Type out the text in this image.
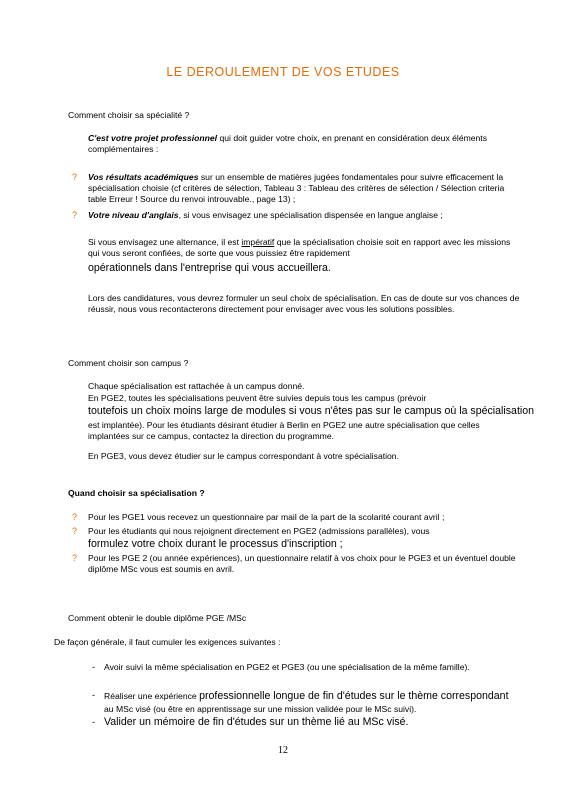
LE DEROULEMENT DE VOS ETUDES
Comment choisir sa spécialité ?
C'est votre projet professionnel qui doit guider votre choix, en prenant en considération deux éléments complémentaires :
? Vos résultats académiques sur un ensemble de matières jugées fondamentales pour suivre efficacement la spécialisation choisie (cf critères de sélection, Tableau 3 : Tableau des critères de sélection / Sélection criteria table Erreur ! Source du renvoi introuvable., page 13) ;
? Votre niveau d'anglais, si vous envisagez une spécialisation dispensée en langue anglaise ;
Si vous envisagez une alternance, il est impératif que la spécialisation choisie soit en rapport avec les missions qui vous seront confiées, de sorte que vous puissiez être rapidement
opérationnels dans l'entreprise qui vous accueillera.
Lors des candidatures, vous devrez formuler un seul choix de spécialisation. En cas de doute sur vos chances de réussir, nous vous recontacterons directement pour envisager avec vous les solutions possibles.
Comment choisir son campus ?
Chaque spécialisation est rattachée à un campus donné.
En PGE2, toutes les spécialisations peuvent être suivies depuis tous les campus (prévoir
toutefois un choix moins large de modules si vous n'êtes pas sur le campus où la spécialisation
est implantée). Pour les étudiants désirant étudier à Berlin en PGE2 une autre spécialisation que celles implantées sur ce campus, contactez la direction du programme.
En PGE3, vous devez étudier sur le campus correspondant à votre spécialisation.
Quand choisir sa spécialisation ?
? Pour les PGE1 vous recevez un questionnaire par mail de la part de la scolarité courant avril ;
? Pour les étudiants qui nous rejoignent directement en PGE2 (admissions parallèles), vous
formulez votre choix durant le processus d'inscription ;
? Pour les PGE 2 (ou année expériences), un questionnaire relatif à vos choix pour le PGE3 et un éventuel double diplôme MSc vous est soumis en avril.
Comment obtenir le double diplôme PGE /MSc
De façon générale, il faut cumuler les exigences suivantes :
- Avoir suivi la même spécialisation en PGE2 et PGE3 (ou une spécialisation de la même famille).
- Réaliser une expérience professionnelle longue de fin d'études sur le thème correspondant
au MSc visé (ou être en apprentissage sur une mission validée pour le MSc suivi).
- Valider un mémoire de fin d'études sur un thème lié au MSc visé.
12
